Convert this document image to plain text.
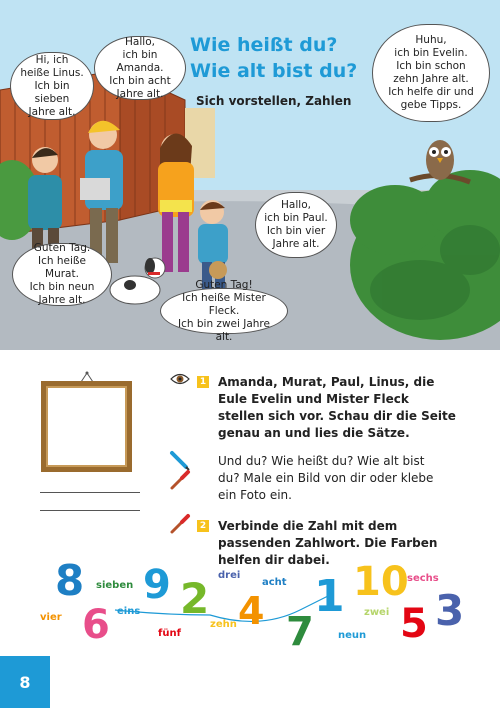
Wie heißt du?
Wie alt bist du?
Sich vorstellen, Zahlen
Hi, ich
heiße Linus.
Ich bin sieben
Jahre alt.
Hallo,
ich bin Amanda.
Ich bin acht
Jahre alt.
Huhu,
ich bin Evelin.
Ich bin schon
zehn Jahre alt.
Ich helfe dir und
gebe Tipps.
Hallo,
ich bin Paul.
Ich bin vier
Jahre alt.
Guten Tag.
Ich heiße Murat.
Ich bin neun
Jahre alt.
Guten Tag!
Ich heiße Mister Fleck.
Ich bin zwei Jahre alt.
1 Amanda, Murat, Paul, Linus, die Eule Evelin und Mister Fleck stellen sich vor. Schau dir die Seite genau an und lies die Sätze.
Und du? Wie heißt du? Wie alt bist du? Male ein Bild von dir oder klebe ein Foto ein.
2 Verbinde die Zahl mit dem passenden Zahlwort. Die Farben helfen dir dabei.
8 9 2 4 1 10
6	7 5 3
sieben
drei
acht	sechs
vier
eins	zwei
zehn
fünf	neun
8
